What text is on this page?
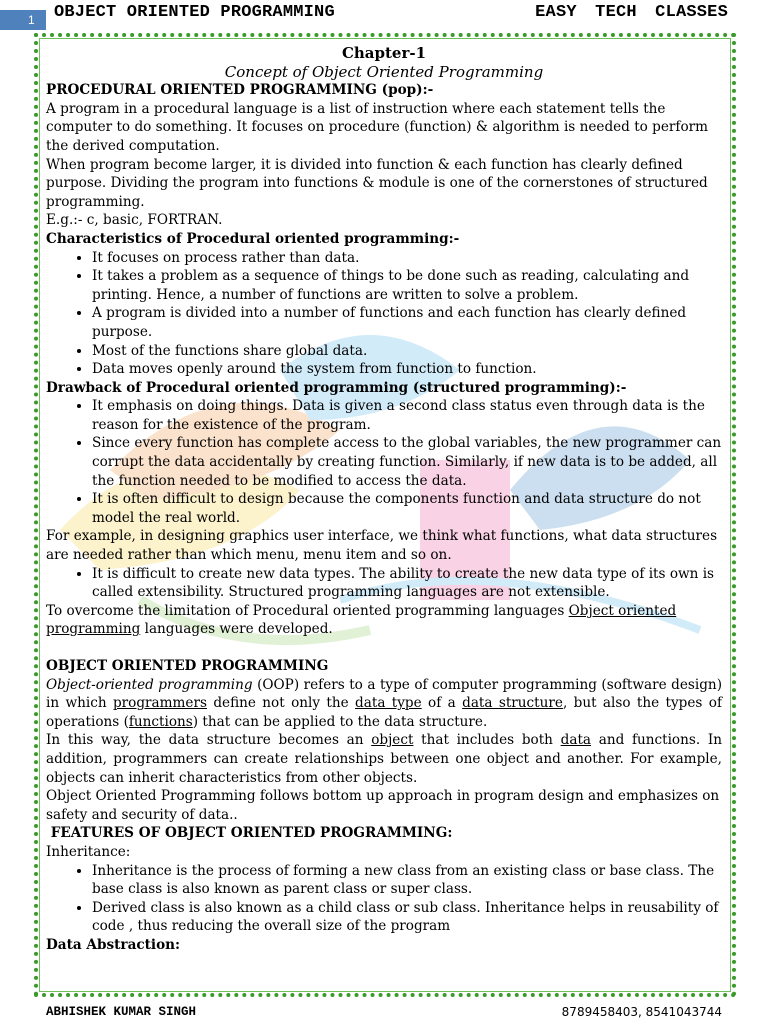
1	OBJECT ORIENTED PROGRAMMING	EASY TECH CLASSES

Chapter-1

Concept of Object Oriented Programming

PROCEDURAL ORIENTED PROGRAMMING (pop):-

A program in a procedural language is a list of instruction where each statement tells the computer to do something. It focuses on procedure (function) & algorithm is needed to perform the derived computation.

When program become larger, it is divided into function & each function has clearly defined purpose. Dividing the program into functions & module is one of the cornerstones of structured programming.

E.g.:- c, basic, FORTRAN.

Characteristics of Procedural oriented programming:-

• It focuses on process rather than data.
• It takes a problem as a sequence of things to be done such as reading, calculating and printing. Hence, a number of functions are written to solve a problem.
• A program is divided into a number of functions and each function has clearly defined purpose.
• Most of the functions share global data.
• Data moves openly around the system from function to function.

Drawback of Procedural oriented programming (structured programming):-

• It emphasis on doing things. Data is given a second class status even through data is the reason for the existence of the program.
• Since every function has complete access to the global variables, the new programmer can corrupt the data accidentally by creating function. Similarly, if new data is to be added, all the function needed to be modified to access the data.
• It is often difficult to design because the components function and data structure do not model the real world.

For example, in designing graphics user interface, we think what functions, what data structures are needed rather than which menu, menu item and so on.

• It is difficult to create new data types. The ability to create the new data type of its own is called extensibility. Structured programming languages are not extensible.

To overcome the limitation of Procedural oriented programming languages Object oriented programming languages were developed.

OBJECT ORIENTED PROGRAMMING

Object-oriented programming (OOP) refers to a type of computer programming (software design) in which programmers define not only the data type of a data structure, but also the types of operations (functions) that can be applied to the data structure.

In this way, the data structure becomes an object that includes both data and functions. In addition, programmers can create relationships between one object and another. For example, objects can inherit characteristics from other objects.

Object Oriented Programming follows bottom up approach in program design and emphasizes on safety and security of data..

FEATURES OF OBJECT ORIENTED PROGRAMMING:

Inheritance:

• Inheritance is the process of forming a new class from an existing class or base class. The base class is also known as parent class or super class.
• Derived class is also known as a child class or sub class. Inheritance helps in reusability of code , thus reducing the overall size of the program

Data Abstraction:

ABHISHEK KUMAR SINGH	8789458403, 8541043744
